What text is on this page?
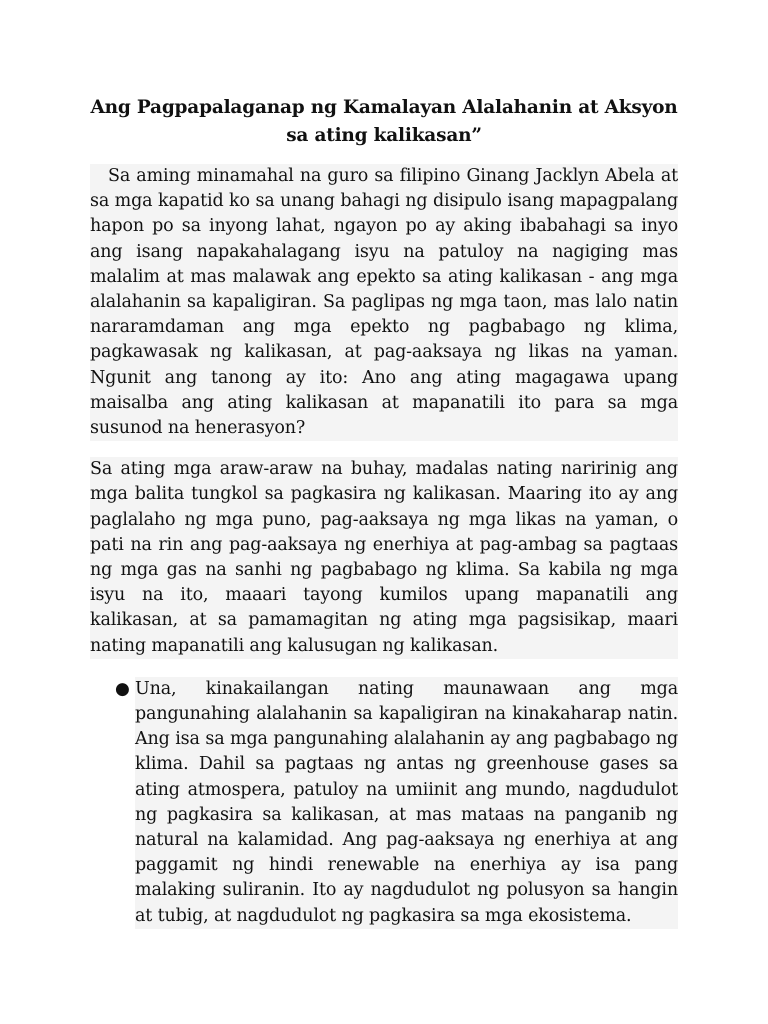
Ang Pagpapalaganap ng Kamalayan Alalahanin at Aksyon sa ating kalikasan”

Sa aming minamahal na guro sa filipino Ginang Jacklyn Abela at sa mga kapatid ko sa unang bahagi ng disipulo isang mapagpalang hapon po sa inyong lahat, ngayon po ay aking ibabahagi sa inyo ang isang napakahalagang isyu na patuloy na nagiging mas malalim at mas malawak ang epekto sa ating kalikasan - ang mga alalahanin sa kapaligiran. Sa paglipas ng mga taon, mas lalo natin nararamdaman ang mga epekto ng pagbabago ng klima, pagkawasak ng kalikasan, at pag-aaksaya ng likas na yaman. Ngunit ang tanong ay ito: Ano ang ating magagawa upang maisalba ang ating kalikasan at mapanatili ito para sa mga susunod na henerasyon?

Sa ating mga araw-araw na buhay, madalas nating naririnig ang mga balita tungkol sa pagkasira ng kalikasan. Maaring ito ay ang paglalaho ng mga puno, pag-aaksaya ng mga likas na yaman, o pati na rin ang pag-aaksaya ng enerhiya at pag-ambag sa pagtaas ng mga gas na sanhi ng pagbabago ng klima. Sa kabila ng mga isyu na ito, maaari tayong kumilos upang mapanatili ang kalikasan, at sa pamamagitan ng ating mga pagsisikap, maari nating mapanatili ang kalusugan ng kalikasan.

● Una, kinakailangan nating maunawaan ang mga pangunahing alalahanin sa kapaligiran na kinakaharap natin. Ang isa sa mga pangunahing alalahanin ay ang pagbabago ng klima. Dahil sa pagtaas ng antas ng greenhouse gases sa ating atmospera, patuloy na umiinit ang mundo, nagdudulot ng pagkasira sa kalikasan, at mas mataas na panganib ng natural na kalamidad. Ang pag-aaksaya ng enerhiya at ang paggamit ng hindi renewable na enerhiya ay isa pang malaking suliranin. Ito ay nagdudulot ng polusyon sa hangin at tubig, at nagdudulot ng pagkasira sa mga ekosistema.
